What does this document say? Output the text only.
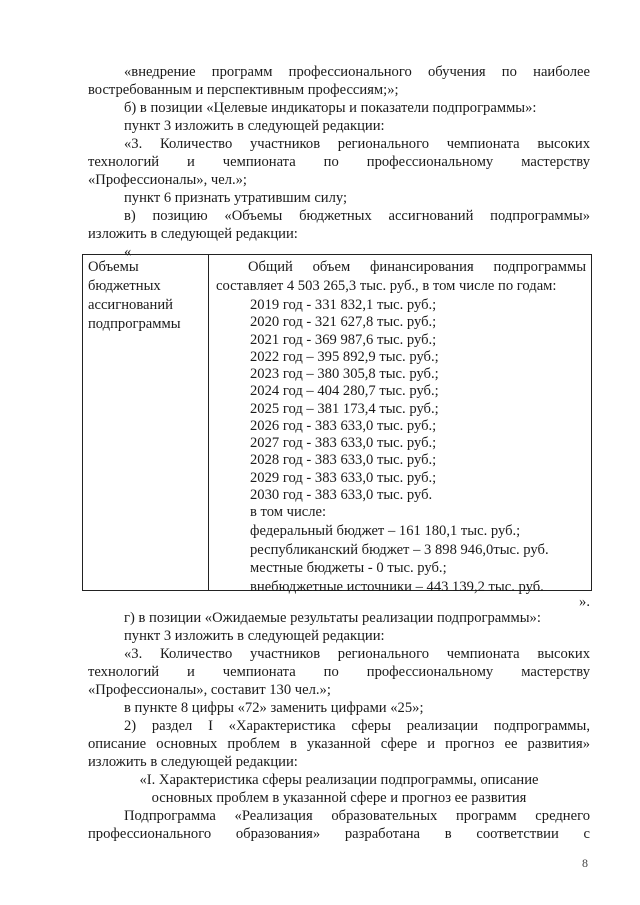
«внедрение программ профессионального обучения по наиболее
востребованным и перспективным профессиям;»;
б) в позиции «Целевые индикаторы и показатели подпрограммы»:
пункт 3 изложить в следующей редакции:
«3. Количество участников регионального чемпионата высоких
технологий и чемпионата по профессиональному мастерству
«Профессионалы», чел.»;
пункт 6 признать утратившим силу;
в) позицию «Объемы бюджетных ассигнований подпрограммы»
изложить в следующей редакции:
«
Объемы
бюджетных
ассигнований
подпрограммы
Общий объем финансирования подпрограммы
составляет 4 503 265,3 тыс. руб., в том числе по годам:
2019 год - 331 832,1 тыс. руб.;
2020 год - 321 627,8 тыс. руб.;
2021 год - 369 987,6 тыс. руб.;
2022 год – 395 892,9 тыс. руб.;
2023 год – 380 305,8 тыс. руб.;
2024 год – 404 280,7 тыс. руб.;
2025 год – 381 173,4 тыс. руб.;
2026 год - 383 633,0 тыс. руб.;
2027 год - 383 633,0 тыс. руб.;
2028 год - 383 633,0 тыс. руб.;
2029 год - 383 633,0 тыс. руб.;
2030 год - 383 633,0 тыс. руб.
в том числе:
федеральный бюджет – 161 180,1 тыс. руб.;
республиканский бюджет – 3 898 946,0тыс. руб.
местные бюджеты - 0 тыс. руб.;
внебюджетные источники – 443 139,2 тыс. руб.
».
г) в позиции «Ожидаемые результаты реализации подпрограммы»:
пункт 3 изложить в следующей редакции:
«3. Количество участников регионального чемпионата высоких
технологий и чемпионата по профессиональному мастерству
«Профессионалы», составит 130 чел.»;
в пункте 8 цифры «72» заменить цифрами «25»;
2) раздел I «Характеристика сферы реализации подпрограммы,
описание основных проблем в указанной сфере и прогноз ее развития»
изложить в следующей редакции:
«I. Характеристика сферы реализации подпрограммы, описание
основных проблем в указанной сфере и прогноз ее развития
Подпрограмма «Реализация образовательных программ среднего
профессионального образования» разработана в соответствии с
8
